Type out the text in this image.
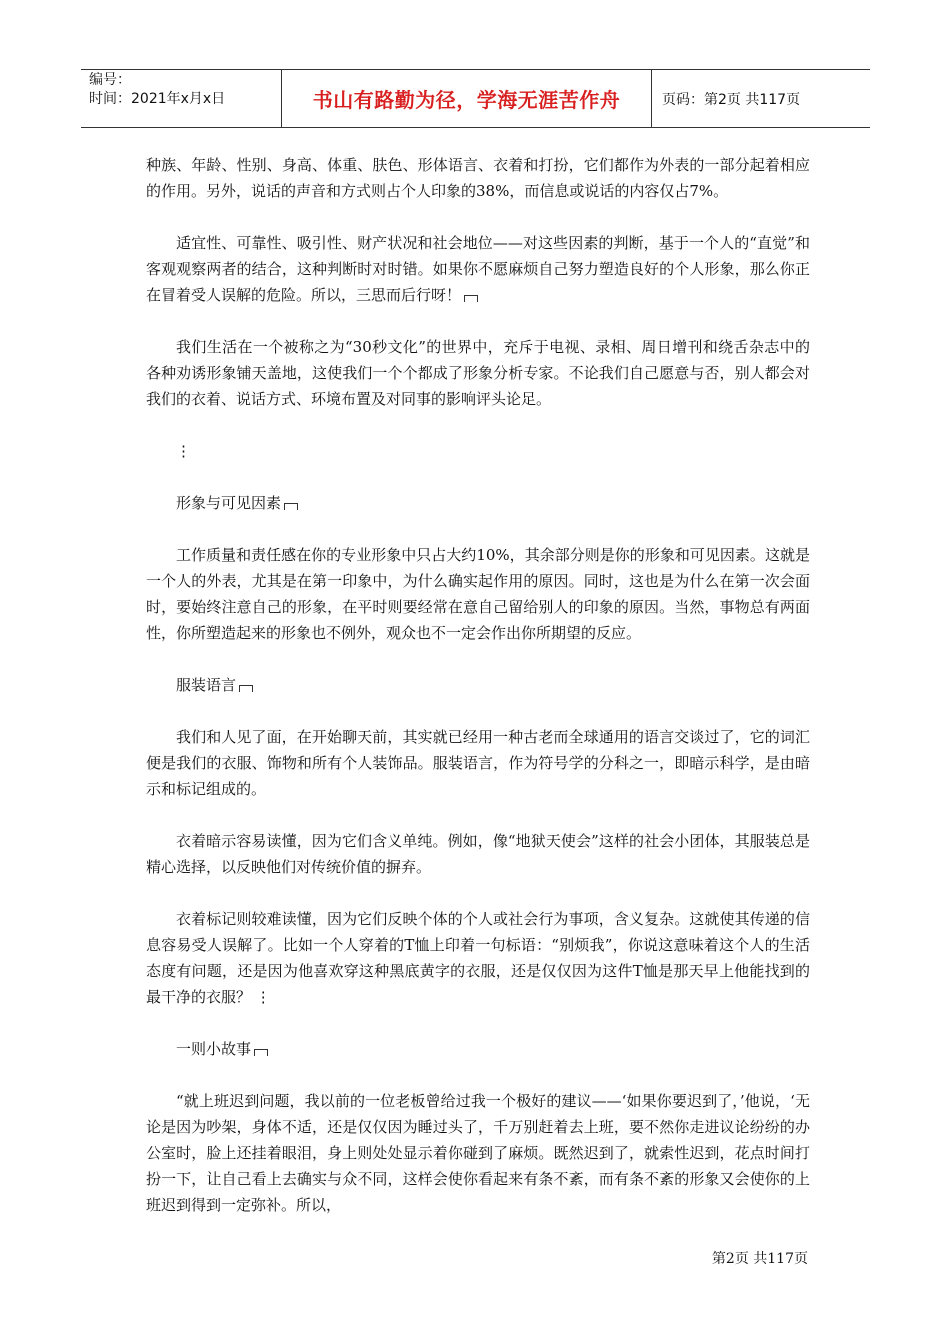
编号：
时间：2021年x月x日	书山有路勤为径，学海无涯苦作舟	页码：第2页 共117页

种族、年龄、性别、身高、体重、肤色、形体语言、衣着和打扮，它们都作为外表的一部分起着相应的作用。另外，说话的声音和方式则占个人印象的38%，而信息或说话的内容仅占7%。

适宜性、可靠性、吸引性、财产状况和社会地位——对这些因素的判断，基于一个人的“直觉”和客观观察两者的结合，这种判断时对时错。如果你不愿麻烦自己努力塑造良好的个人形象，那么你正在冒着受人误解的危险。所以，三思而后行呀！

我们生活在一个被称之为“30秒文化”的世界中，充斥于电视、录相、周日增刊和绕舌杂志中的各种劝诱形象铺天盖地，这使我们一个个都成了形象分析专家。不论我们自己愿意与否，别人都会对我们的衣着、说话方式、环境布置及对同事的影响评头论足。

⋮
形象与可见因素

工作质量和责任感在你的专业形象中只占大约10%，其余部分则是你的形象和可见因素。这就是一个人的外表，尤其是在第一印象中，为什么确实起作用的原因。同时，这也是为什么在第一次会面时，要始终注意自己的形象，在平时则要经常在意自己留给别人的印象的原因。当然，事物总有两面性，你所塑造起来的形象也不例外，观众也不一定会作出你所期望的反应。

服装语言

我们和人见了面，在开始聊天前，其实就已经用一种古老而全球通用的语言交谈过了，它的词汇便是我们的衣服、饰物和所有个人装饰品。服装语言，作为符号学的分科之一，即暗示科学，是由暗示和标记组成的。

衣着暗示容易读懂，因为它们含义单纯。例如，像“地狱天使会”这样的社会小团体，其服装总是精心选择，以反映他们对传统价值的摒弃。

衣着标记则较难读懂，因为它们反映个体的个人或社会行为事项，含义复杂。这就使其传递的信息容易受人误解了。比如一个人穿着的T恤上印着一句标语：“别烦我”，你说这意味着这个人的生活态度有问题，还是因为他喜欢穿这种黑底黄字的衣服，还是仅仅因为这件T恤是那天早上他能找到的最干净的衣服？ ⋮

一则小故事

“就上班迟到问题，我以前的一位老板曾给过我一个极好的建议——‘如果你要迟到了，’他说，‘无论是因为吵架，身体不适，还是仅仅因为睡过头了，千万别赶着去上班，要不然你走进议论纷纷的办公室时，脸上还挂着眼泪，身上则处处显示着你碰到了麻烦。既然迟到了，就索性迟到，花点时间打扮一下，让自己看上去确实与众不同，这样会使你看起来有条不紊，而有条不紊的形象又会使你的上班迟到得到一定弥补。所以，

第2页 共117页
